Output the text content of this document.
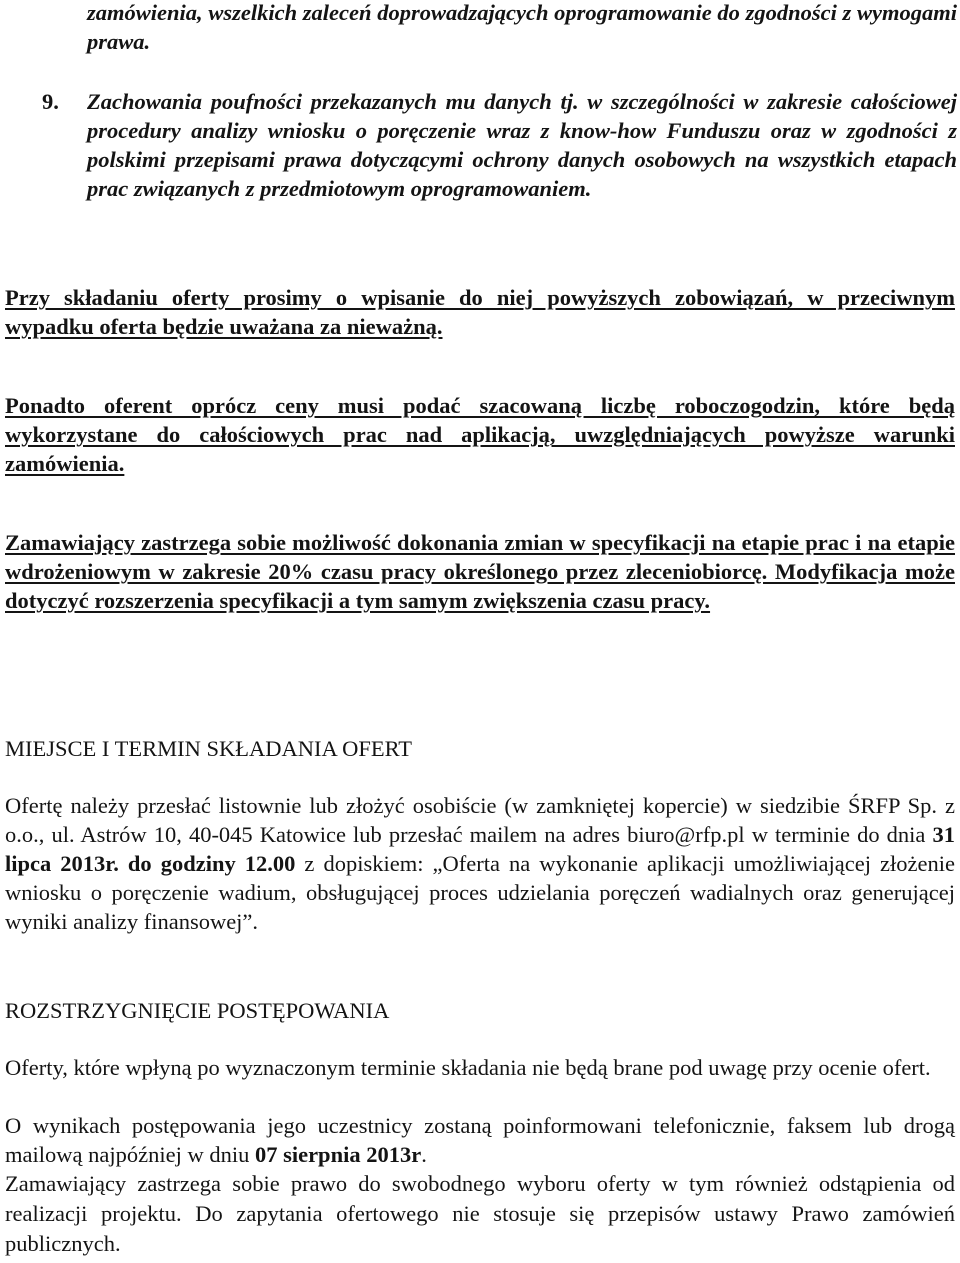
zamówienia, wszelkich zaleceń doprowadzających oprogramowanie do zgodności z wymogami prawa.

9. Zachowania poufności przekazanych mu danych tj. w szczególności w zakresie całościowej procedury analizy wniosku o poręczenie wraz z know-how Funduszu oraz w zgodności z polskimi przepisami prawa dotyczącymi ochrony danych osobowych na wszystkich etapach prac związanych z przedmiotowym oprogramowaniem.

Przy składaniu oferty prosimy o wpisanie do niej powyższych zobowiązań, w przeciwnym wypadku oferta będzie uważana za nieważną.

Ponadto oferent oprócz ceny musi podać szacowaną liczbę roboczogodzin, które będą wykorzystane do całościowych prac nad aplikacją, uwzględniających powyższe warunki zamówienia.

Zamawiający zastrzega sobie możliwość dokonania zmian w specyfikacji na etapie prac i na etapie wdrożeniowym w zakresie 20% czasu pracy określonego przez zleceniobiorcę. Modyfikacja może dotyczyć rozszerzenia specyfikacji a tym samym zwiększenia czasu pracy.

MIEJSCE I TERMIN SKŁADANIA OFERT

Ofertę należy przesłać listownie lub złożyć osobiście (w zamkniętej kopercie) w siedzibie ŚRFP Sp. z o.o., ul. Astrów 10, 40-045 Katowice lub przesłać mailem na adres biuro@rfp.pl w terminie do dnia 31 lipca 2013r. do godziny 12.00 z dopiskiem: „Oferta na wykonanie aplikacji umożliwiającej złożenie wniosku o poręczenie wadium, obsługującej proces udzielania poręczeń wadialnych oraz generującej wyniki analizy finansowej”.

ROZSTRZYGNIĘCIE POSTĘPOWANIA

Oferty, które wpłyną po wyznaczonym terminie składania nie będą brane pod uwagę przy ocenie ofert.

O wynikach postępowania jego uczestnicy zostaną poinformowani telefonicznie, faksem lub drogą mailową najpóźniej w dniu 07 sierpnia 2013r.

Zamawiający zastrzega sobie prawo do swobodnego wyboru oferty w tym również odstąpienia od realizacji projektu. Do zapytania ofertowego nie stosuje się przepisów ustawy Prawo zamówień publicznych.
